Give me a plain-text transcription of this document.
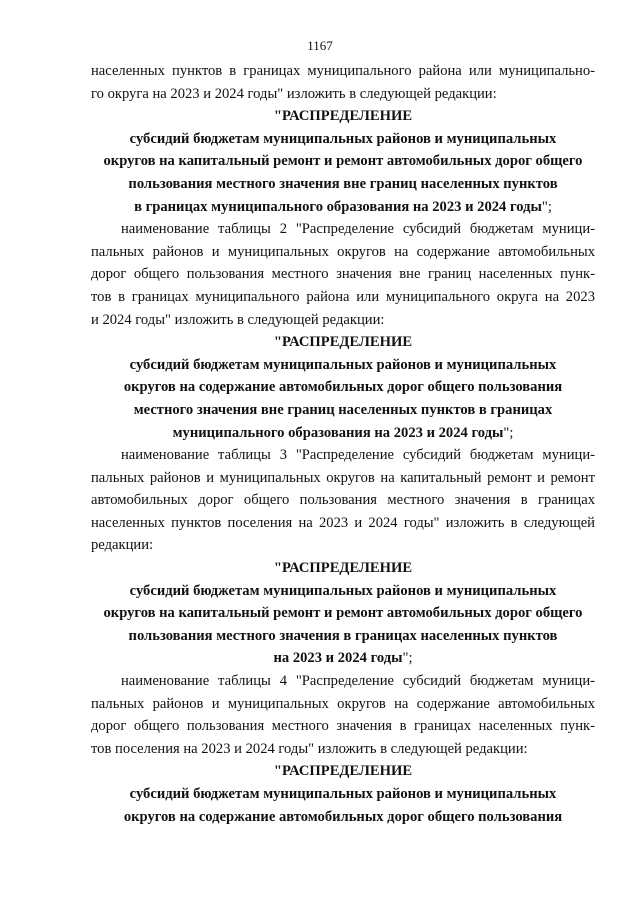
1167
населенных пунктов в границах муниципального района или муниципально-
го округа на 2023 и 2024 годы" изложить в следующей редакции:
"РАСПРЕДЕЛЕНИЕ
субсидий бюджетам муниципальных районов и муниципальных
округов на капитальный ремонт и ремонт автомобильных дорог общего
пользования местного значения вне границ населенных пунктов
в границах муниципального образования на 2023 и 2024 годы";
наименование таблицы 2 "Распределение субсидий бюджетам муници-
пальных районов и муниципальных округов на содержание автомобильных
дорог общего пользования местного значения вне границ населенных пунк-
тов в границах муниципального района или муниципального округа на 2023
и 2024 годы" изложить в следующей редакции:
"РАСПРЕДЕЛЕНИЕ
субсидий бюджетам муниципальных районов и муниципальных
округов на содержание автомобильных дорог общего пользования
местного значения вне границ населенных пунктов в границах
муниципального образования на 2023 и 2024 годы";
наименование таблицы 3 "Распределение субсидий бюджетам муници-
пальных районов и муниципальных округов на капитальный ремонт и ремонт
автомобильных дорог общего пользования местного значения в границах
населенных пунктов поселения на 2023 и 2024 годы" изложить в следующей
редакции:
"РАСПРЕДЕЛЕНИЕ
субсидий бюджетам муниципальных районов и муниципальных
округов на капитальный ремонт и ремонт автомобильных дорог общего
пользования местного значения в границах населенных пунктов
на 2023 и 2024 годы";
наименование таблицы 4 "Распределение субсидий бюджетам муници-
пальных районов и муниципальных округов на содержание автомобильных
дорог общего пользования местного значения в границах населенных пунк-
тов поселения на 2023 и 2024 годы" изложить в следующей редакции:
"РАСПРЕДЕЛЕНИЕ
субсидий бюджетам муниципальных районов и муниципальных
округов на содержание автомобильных дорог общего пользования
